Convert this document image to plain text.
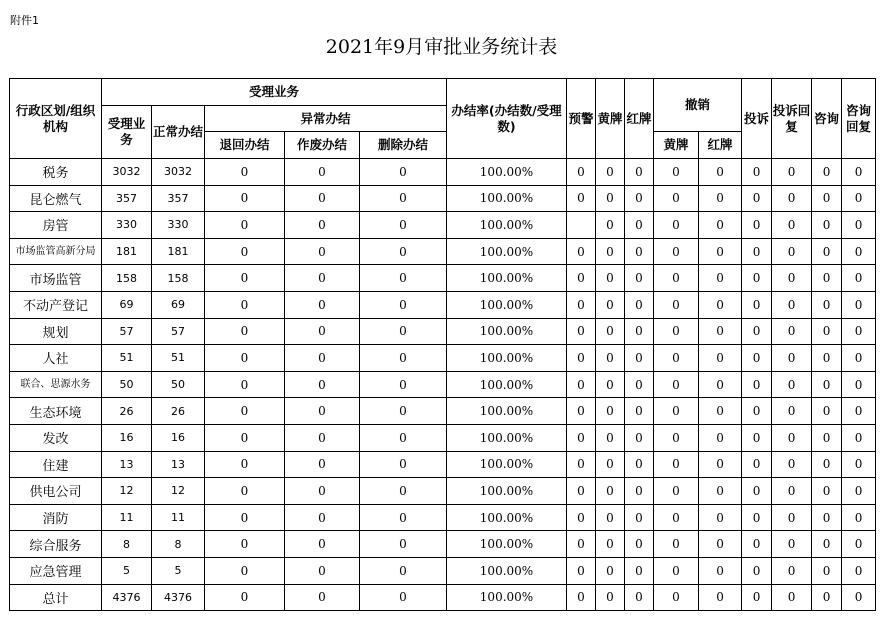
附件1
2021年9月审批业务统计表
行政区划/组织机构	受理业务					办结率(办结数/受理数)	预警	黄牌	红牌	撤销		投诉	投诉回复	咨询	咨询回复
	受理业务	正常办结	异常办结												
			退回办结	作废办结	删除办结					黄牌	红牌				
税务	3032	3032	0	0	0	100.00%	0	0	0	0	0	0	0	0	0
昆仑燃气	357	357	0	0	0	100.00%	0	0	0	0	0	0	0	0	0
房管	330	330	0	0	0	100.00%		0	0	0	0	0	0	0	0
市场监管高新分局	181	181	0	0	0	100.00%	0	0	0	0	0	0	0	0	0
市场监管	158	158	0	0	0	100.00%	0	0	0	0	0	0	0	0	0
不动产登记	69	69	0	0	0	100.00%	0	0	0	0	0	0	0	0	0
规划	57	57	0	0	0	100.00%	0	0	0	0	0	0	0	0	0
人社	51	51	0	0	0	100.00%	0	0	0	0	0	0	0	0	0
联合、思源水务	50	50	0	0	0	100.00%	0	0	0	0	0	0	0	0	0
生态环境	26	26	0	0	0	100.00%	0	0	0	0	0	0	0	0	0
发改	16	16	0	0	0	100.00%	0	0	0	0	0	0	0	0	0
住建	13	13	0	0	0	100.00%	0	0	0	0	0	0	0	0	0
供电公司	12	12	0	0	0	100.00%	0	0	0	0	0	0	0	0	0
消防	11	11	0	0	0	100.00%	0	0	0	0	0	0	0	0	0
综合服务	8	8	0	0	0	100.00%	0	0	0	0	0	0	0	0	0
应急管理	5	5	0	0	0	100.00%	0	0	0	0	0	0	0	0	0
总计	4376	4376	0	0	0	100.00%	0	0	0	0	0	0	0	0	0
